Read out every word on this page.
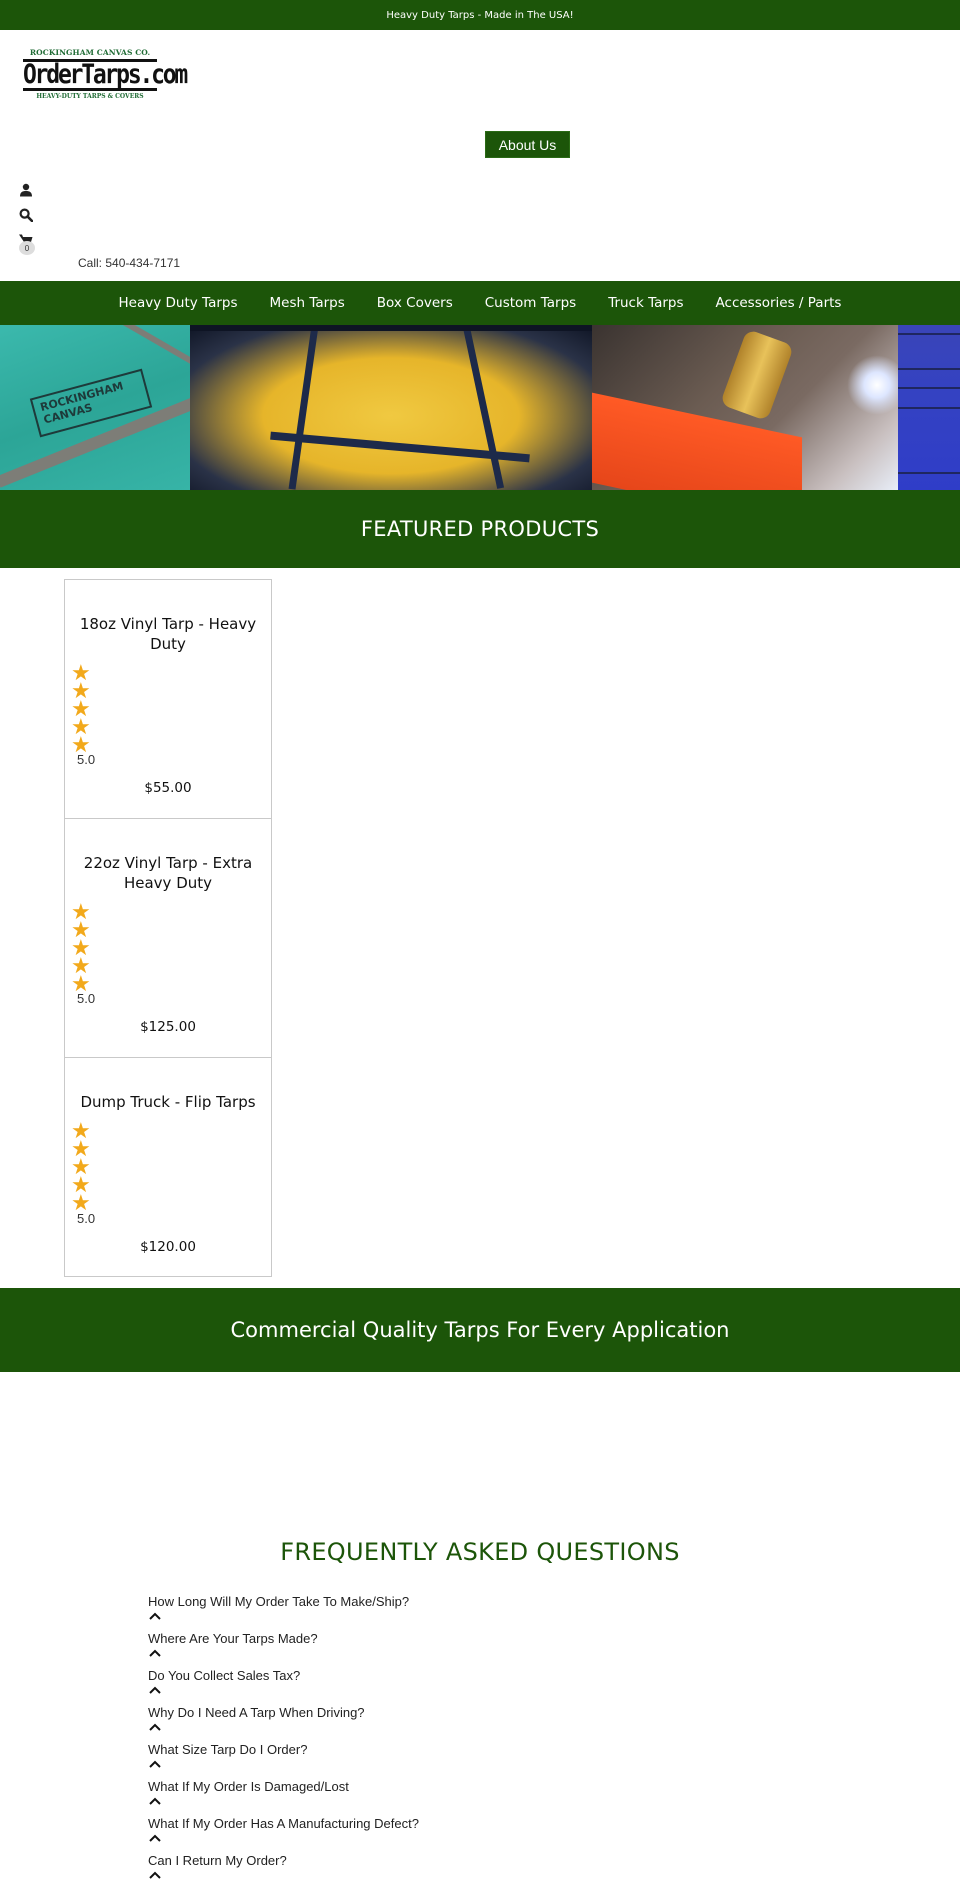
Heavy Duty Tarps - Made in The USA!
ROCKINGHAM CANVAS CO.
OrderTarps.com
HEAVY-DUTY TARPS & COVERS
About Us
0
Call: 540-434-7171
Heavy Duty Tarps	Mesh Tarps	Box Covers	Custom Tarps	Truck Tarps	Accessories / Parts
ROCKINGHAM CANVAS
FEATURED PRODUCTS
18oz Vinyl Tarp - Heavy Duty
★
★
★
★
★
5.0
$55.00
22oz Vinyl Tarp - Extra Heavy Duty
★
★
★
★
★
5.0
$125.00
Dump Truck - Flip Tarps
★
★
★
★
★
5.0
$120.00
Commercial Quality Tarps For Every Application
FREQUENTLY ASKED QUESTIONS
How Long Will My Order Take To Make/Ship?
Where Are Your Tarps Made?
Do You Collect Sales Tax?
Why Do I Need A Tarp When Driving?
What Size Tarp Do I Order?
What If My Order Is Damaged/Lost
What If My Order Has A Manufacturing Defect?
Can I Return My Order?
